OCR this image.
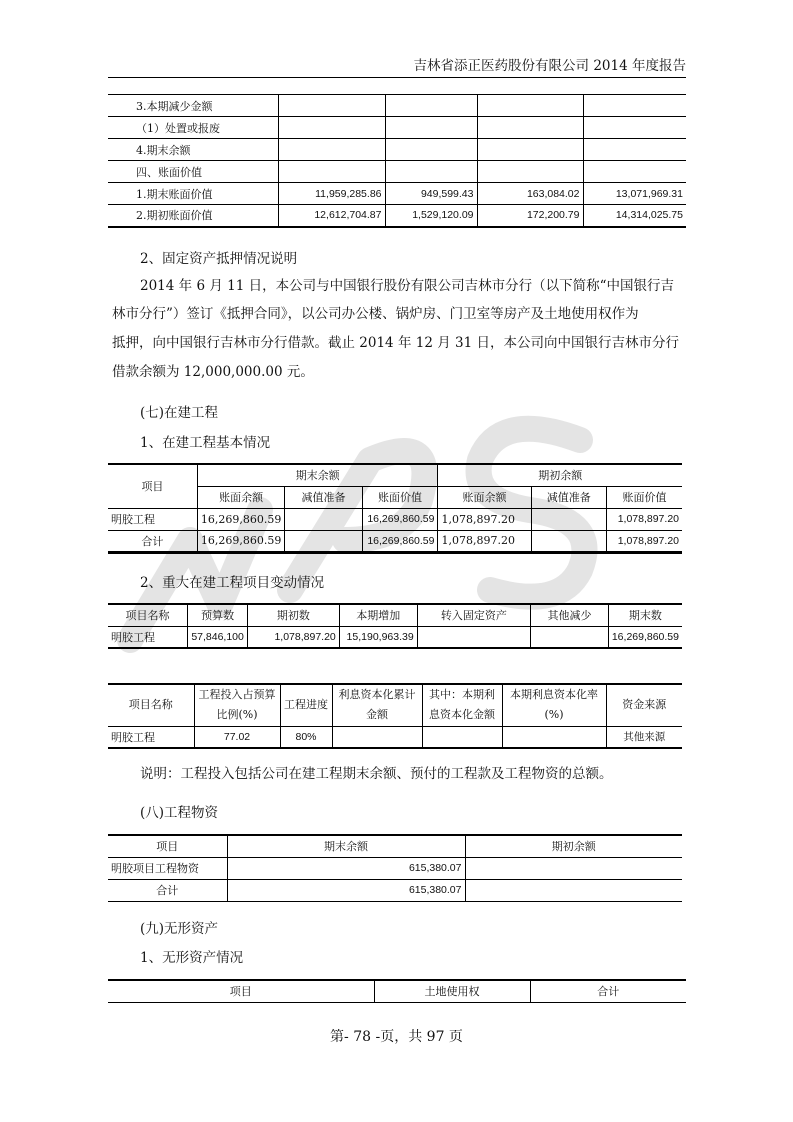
吉林省添正医药股份有限公司 2014 年度报告
3.本期减少金额				
（1）处置或报废				
4.期末余额				
四、账面价值				
1.期末账面价值	11,959,285.86	949,599.43	163,084.02	13,071,969.31
2.期初账面价值	12,612,704.87	1,529,120.09	172,200.79	14,314,025.75
2、固定资产抵押情况说明
2014 年 6 月 11 日，本公司与中国银行股份有限公司吉林市分行（以下简称“中国银行吉
林市分行”）签订《抵押合同》，以公司办公楼、锅炉房、门卫室等房产及土地使用权作为
抵押，向中国银行吉林市分行借款。截止 2014 年 12 月 31 日，本公司向中国银行吉林市分行
借款余额为 12,000,000.00 元。
(七)在建工程
1、在建工程基本情况
项目	期末余额			期初余额		
	账面余额	减值准备	账面价值	账面余额	减值准备	账面价值
明胶工程	16,269,860.59		16,269,860.59	1,078,897.20		1,078,897.20
合计	16,269,860.59		16,269,860.59	1,078,897.20		1,078,897.20
2、重大在建工程项目变动情况
项目名称	预算数	期初数	本期增加	转入固定资产	其他减少	期末数
明胶工程	57,846,100	1,078,897.20	15,190,963.39			16,269,860.59
项目名称	工程投入占预算比例(%)	工程进度	利息资本化累计金额	其中：本期利息资本化金额	本期利息资本化率(%)	资金来源
明胶工程	77.02	80%				其他来源
说明：工程投入包括公司在建工程期末余额、预付的工程款及工程物资的总额。
(八)工程物资
项目	期末余额	期初余额
明胶项目工程物资	615,380.07	
合计	615,380.07	
(九)无形资产
1、无形资产情况
项目	土地使用权	合计
第- 78 -页，共 97 页
